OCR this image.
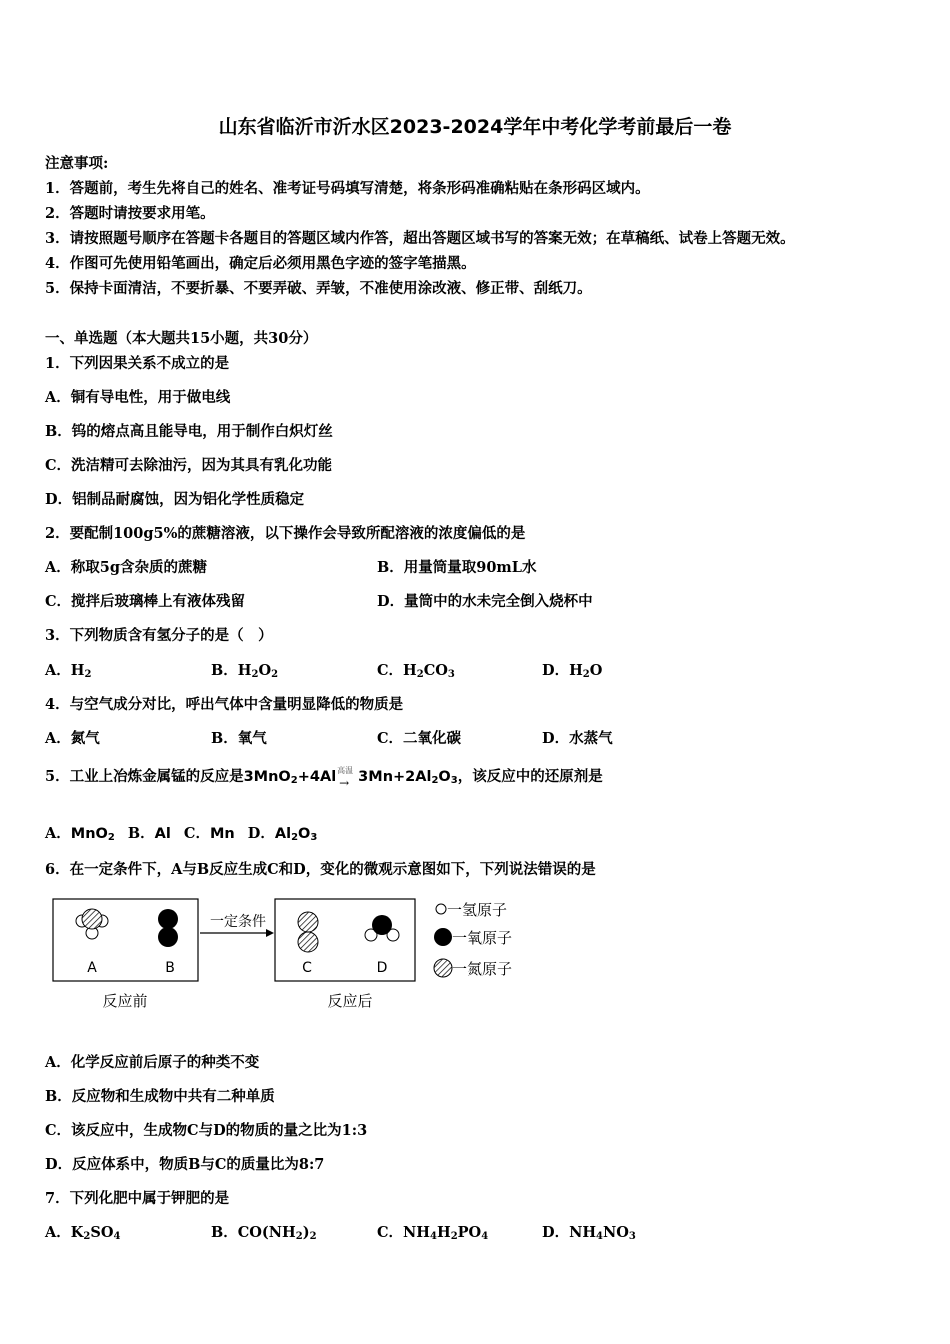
山东省临沂市沂水区2023-2024学年中考化学考前最后一卷
注意事项:
1．答题前，考生先将自己的姓名、准考证号码填写清楚，将条形码准确粘贴在条形码区域内。
2．答题时请按要求用笔。
3．请按照题号顺序在答题卡各题目的答题区域内作答，超出答题区域书写的答案无效；在草稿纸、试卷上答题无效。
4．作图可先使用铅笔画出，确定后必须用黑色字迹的签字笔描黑。
5．保持卡面清洁，不要折暴、不要弄破、弄皱，不准使用涂改液、修正带、刮纸刀。
一、单选题（本大题共15小题，共30分）
1．下列因果关系不成立的是
A．铜有导电性，用于做电线
B．钨的熔点高且能导电，用于制作白炽灯丝
C．洗洁精可去除油污，因为其具有乳化功能
D．铝制品耐腐蚀，因为铝化学性质稳定
2．要配制100g5%的蔗糖溶液，以下操作会导致所配溶液的浓度偏低的是
A．称取5g含杂质的蔗糖	B．用量筒量取90mL水
C．搅拌后玻璃棒上有液体残留	D．量筒中的水未完全倒入烧杯中
3．下列物质含有氢分子的是（　）
A．$H_2$	B．$H_2O_2$	C．$H_2CO_3$	D．$H_2O$
4．与空气成分对比，呼出气体中含量明显降低的物质是
A．氮气	B．氧气	C．二氧化碳	D．水蒸气
5．工业上冶炼金属锰的反应是3MnO$_2$+4Al 高温
→ $3Mn+2Al_2O_3$，该反应中的还原剂是
A．MnO$_2$ B．Al C．Mn D．$Al_2O_3$
6．在一定条件下，A与B反应生成C和D，变化的微观示意图如下，下列说法错误的是
A	B
一定条件
C	D
反应前	反应后
一氢原子
一氧原子
一氮原子
A．化学反应前后原子的种类不变
B．反应物和生成物中共有二种单质
C．该反应中，生成物C与D的物质的量之比为1:3
D．反应体系中，物质B与C的质量比为8:7
7．下列化肥中属于钾肥的是
A．$K_2SO_4$	B．$CO(NH_2)_2$	C．$NH_4H_2PO_4$	D．$NH_4NO_3$
